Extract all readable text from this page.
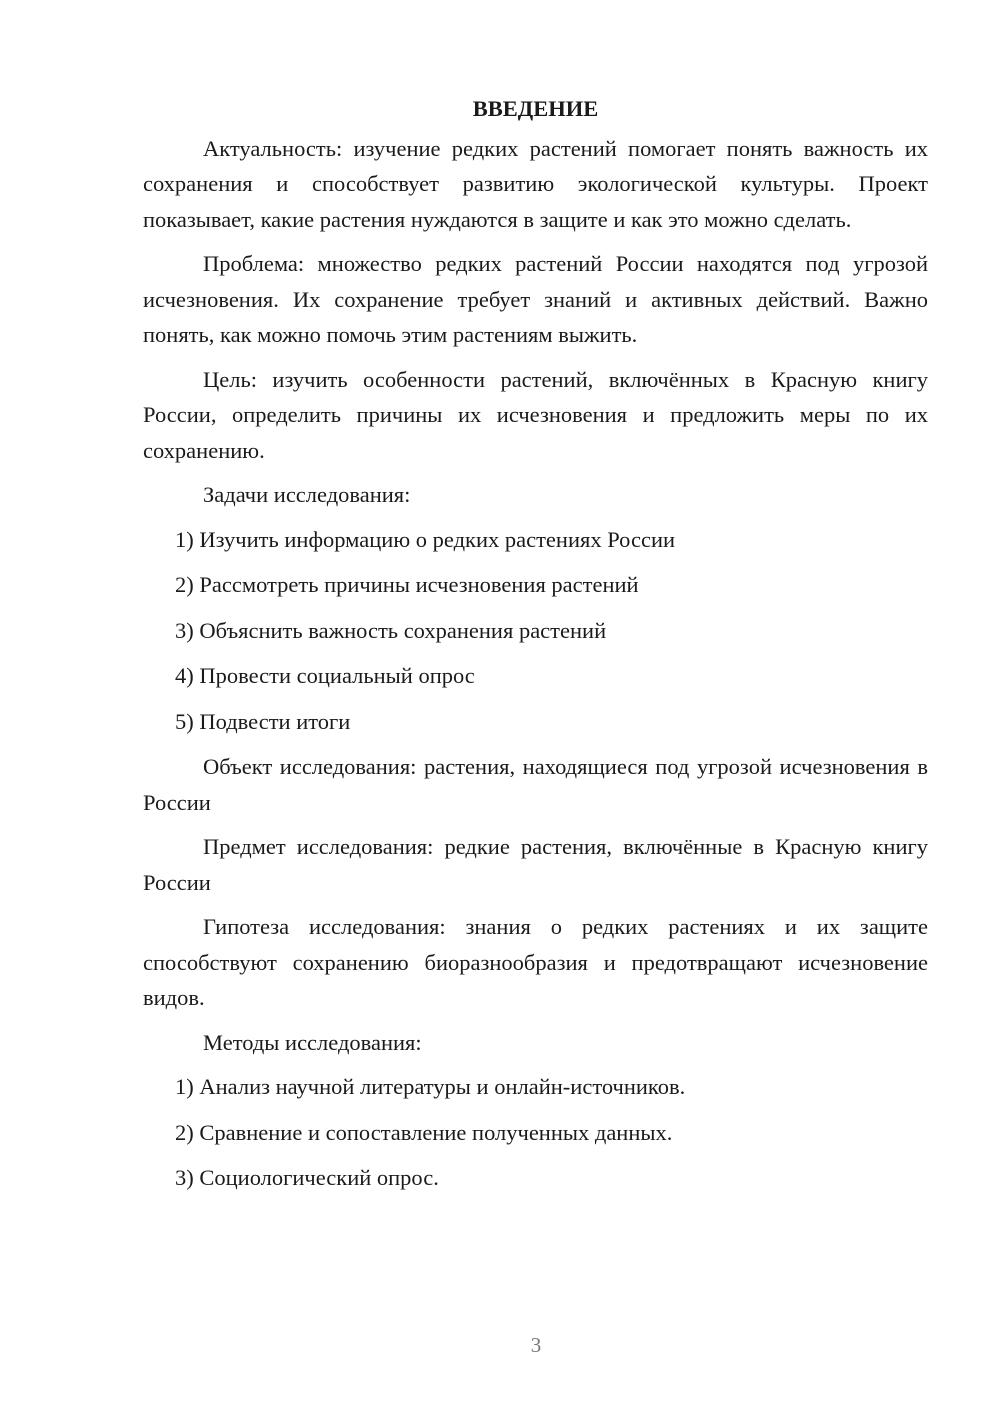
ВВЕДЕНИЕ

Актуальность: изучение редких растений помогает понять важность их сохранения и способствует развитию экологической культуры. Проект показывает, какие растения нуждаются в защите и как это можно сделать.

Проблема: множество редких растений России находятся под угрозой исчезновения. Их сохранение требует знаний и активных действий. Важно понять, как можно помочь этим растениям выжить.

Цель: изучить особенности растений, включённых в Красную книгу России, определить причины их исчезновения и предложить меры по их сохранению.

Задачи исследования:

1) Изучить информацию о редких растениях России
2) Рассмотреть причины исчезновения растений
3) Объяснить важность сохранения растений
4) Провести социальный опрос
5) Подвести итоги

Объект исследования: растения, находящиеся под угрозой исчезновения в России

Предмет исследования: редкие растения, включённые в Красную книгу России

Гипотеза исследования: знания о редких растениях и их защите способствуют сохранению биоразнообразия и предотвращают исчезновение видов.

Методы исследования:

1) Анализ научной литературы и онлайн-источников.
2) Сравнение и сопоставление полученных данных.
3) Социологический опрос.
3
